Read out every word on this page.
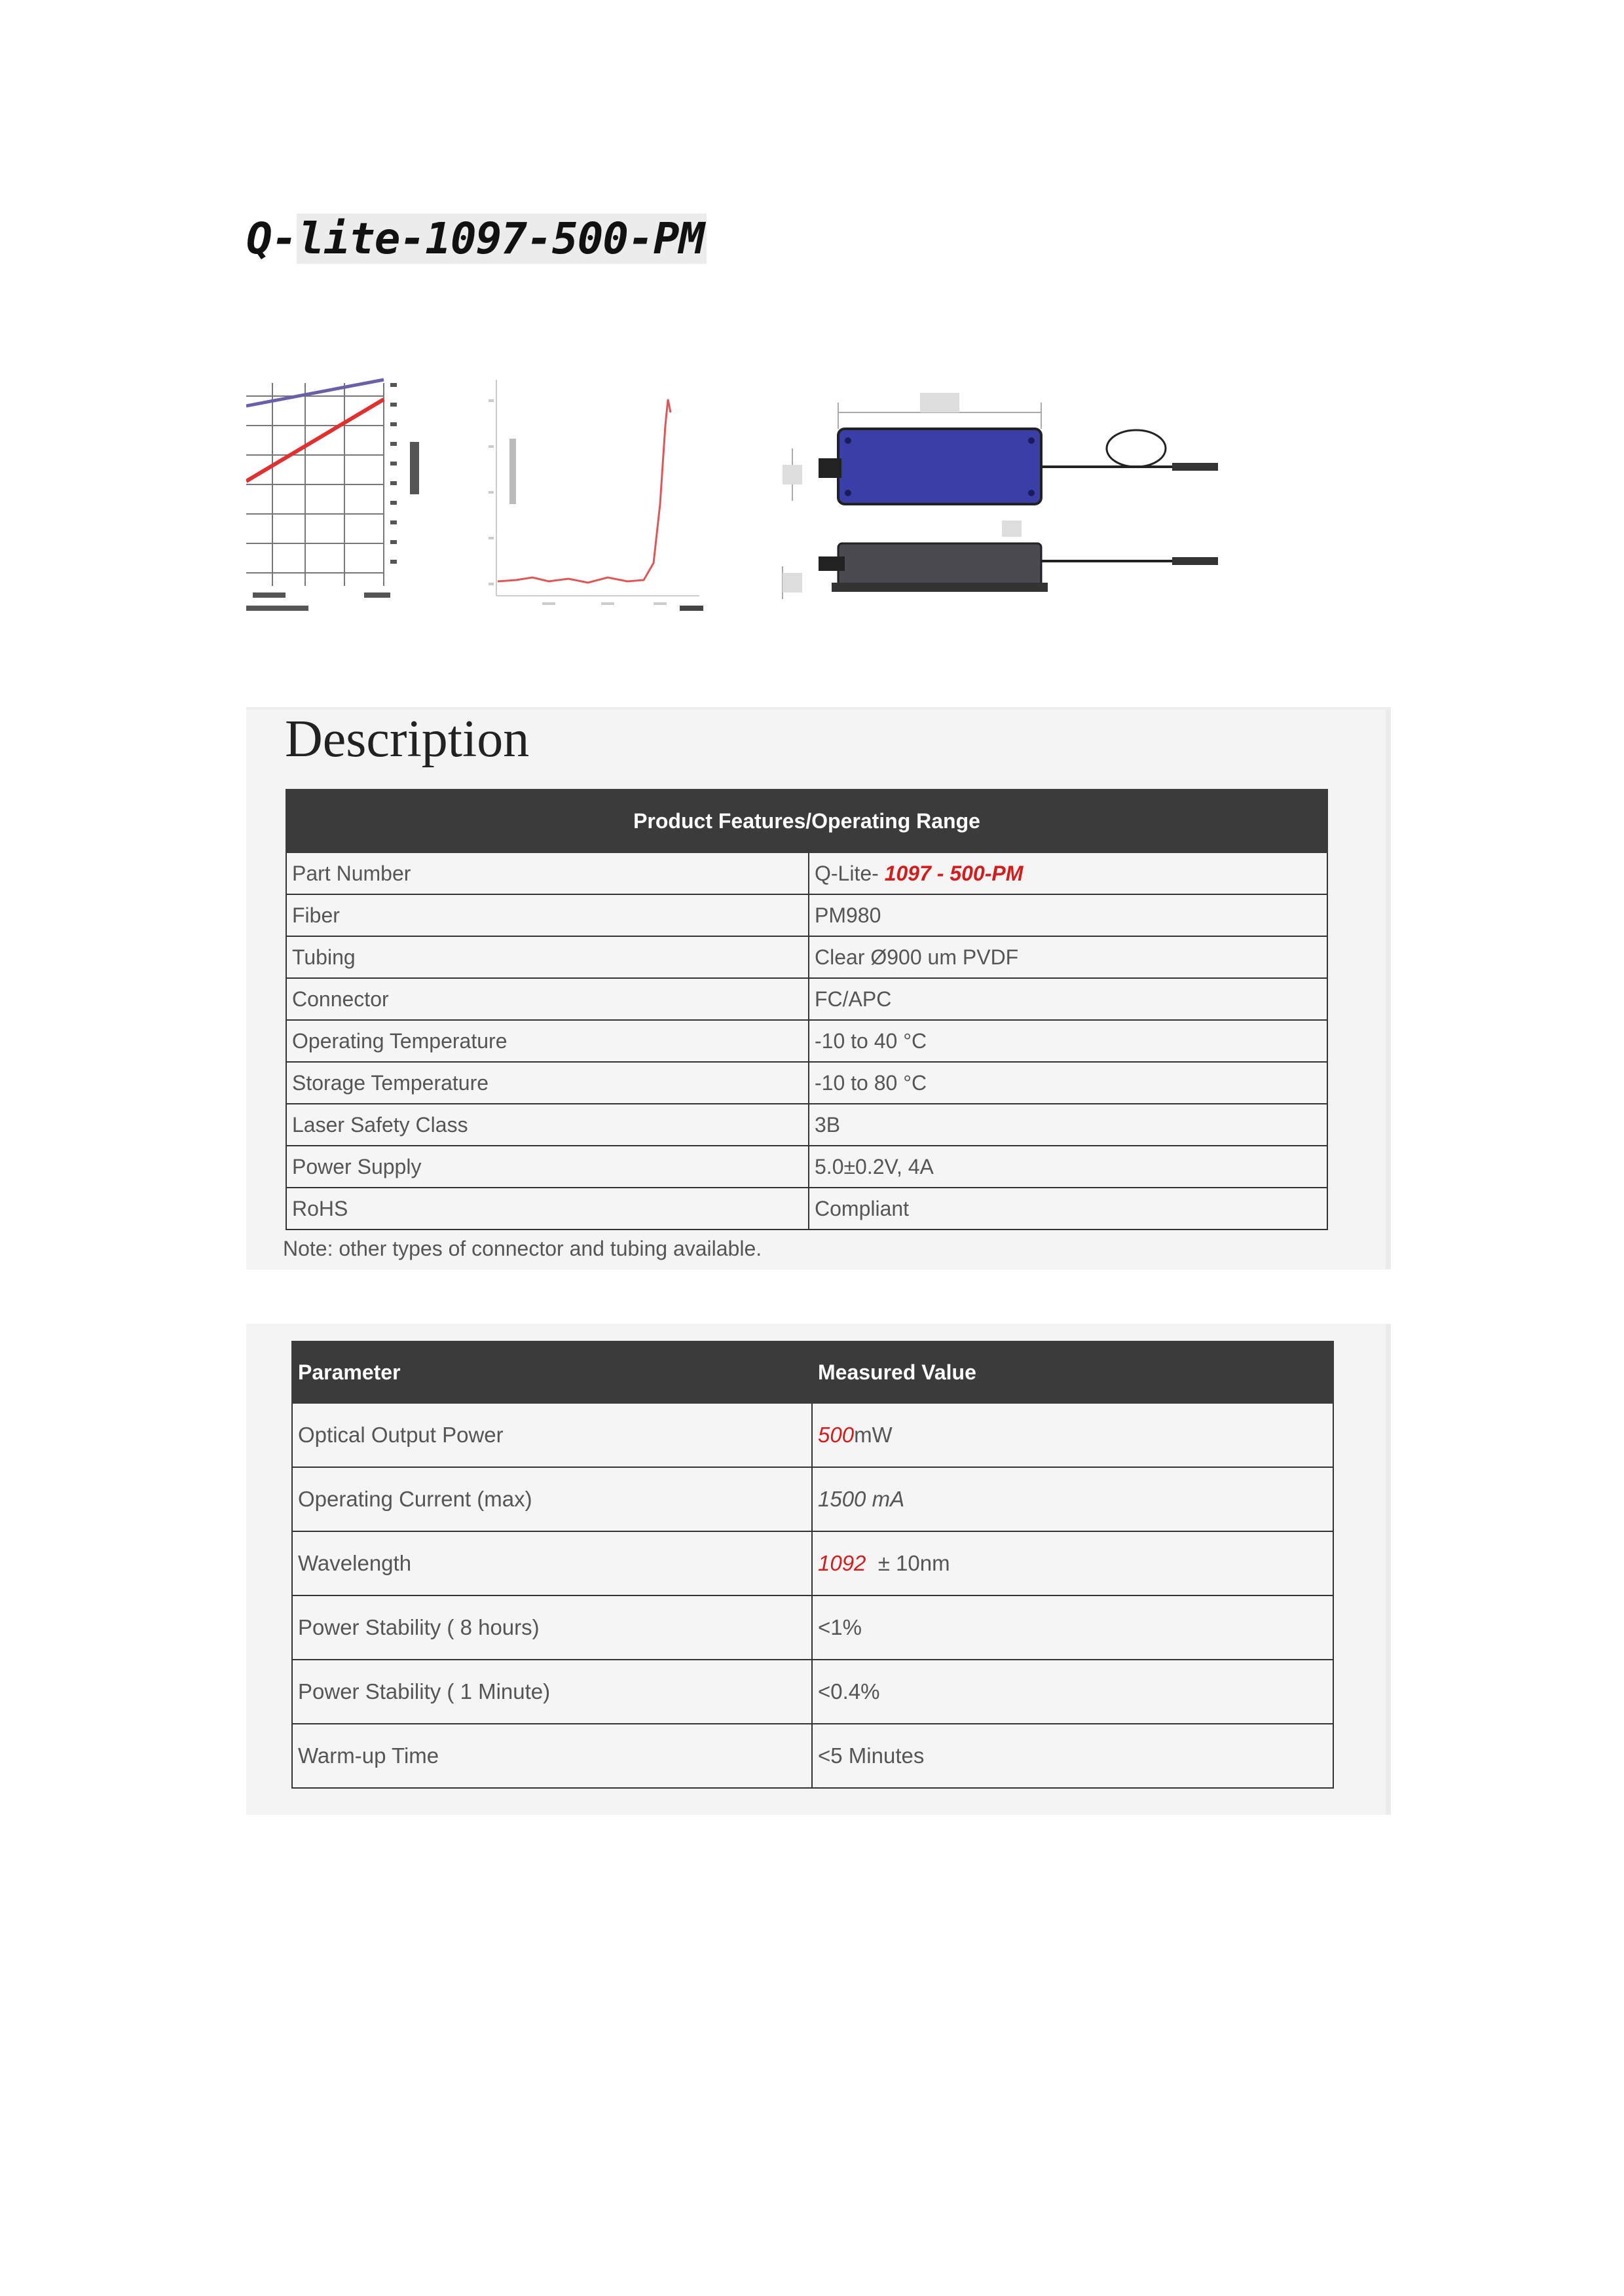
Q-lite-1097-500-PM
Description
Product Features/Operating Range	
Part Number	Q-Lite- 1097 - 500-PM
Fiber	PM980
Tubing	Clear Ø900 um PVDF
Connector	FC/APC
Operating Temperature	-10 to 40 °C
Storage Temperature	-10 to 80 °C
Laser Safety Class	3B
Power Supply	5.0±0.2V, 4A
RoHS	Compliant
Note: other types of connector and tubing available.
Parameter	Measured Value
Optical Output Power	500mW
Operating Current (max)	1500 mA
Wavelength	1092  ± 10nm
Power Stability ( 8 hours)	<1%
Power Stability ( 1 Minute)	<0.4%
Warm-up Time	<5 Minutes
